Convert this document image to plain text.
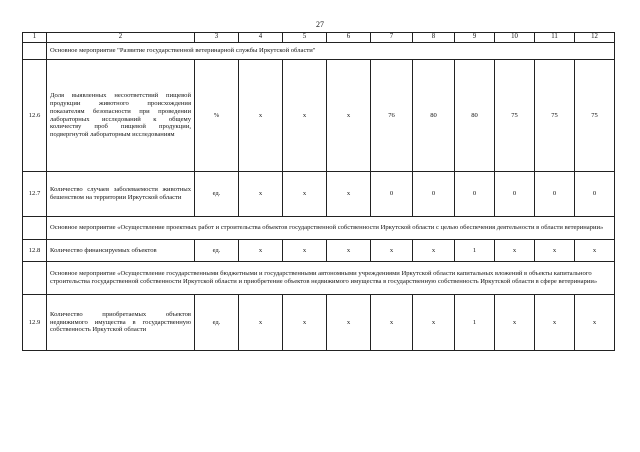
27
1	2	3	4	5	6	7	8	9	10	11	12
	Основное мероприятие "Развитие государственной ветеринарной службы Иркутской области"										
12.6	Доля выявленных несоответствий пищевой продукции животного происхождения показателям безопасности при проведении лабораторных исследований к общему количеству проб пищевой продукции, подвергнутой лабораторным исследованиям	%	x	x	x	76	80	80	75	75	75
12.7	Количество случаев заболеваемости животных бешенством на территории Иркутской области	ед.	x	x	x	0	0	0	0	0	0
	Основное мероприятие «Осуществление проектных работ и строительства объектов государственной собственности Иркутской области с целью обеспечения деятельности в области ветеринарии»										
12.8	Количество финансируемых объектов	ед.	x	x	x	x	x	1	x	x	x
	Основное мероприятие «Осуществление государственными бюджетными и государственными автономными учреждениями Иркутской области капитальных вложений в объекты капитального строительства государственной собственности Иркутской области и приобретение объектов недвижимого имущества в государственную собственность Иркутской области в сфере ветеринарии»										
12.9	Количество приобретаемых объектов недвижимого имущества в государственную собственность Иркутской области	ед.	x	x	x	x	x	1	x	x	x
